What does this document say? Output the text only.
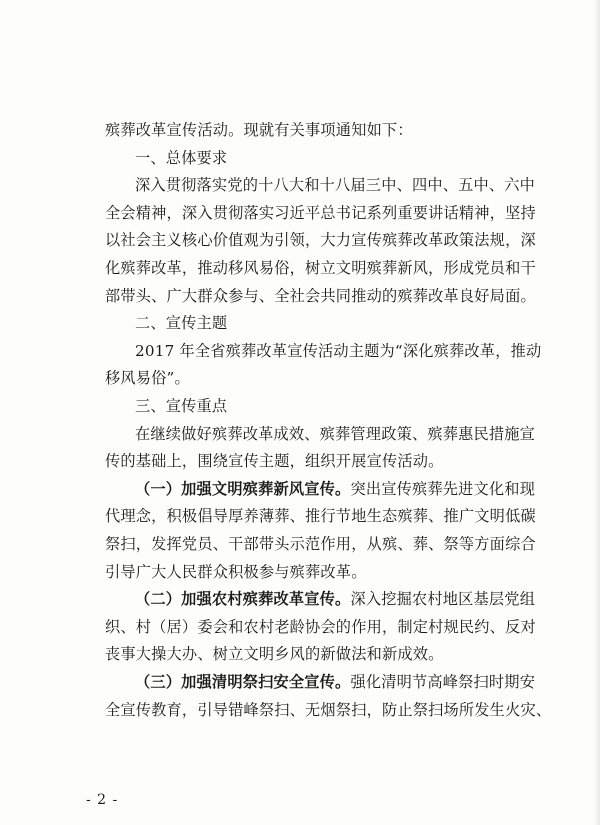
殡葬改革宣传活动。现就有关事项通知如下：
一、总体要求
深入贯彻落实党的十八大和十八届三中、四中、五中、六中
全会精神，深入贯彻落实习近平总书记系列重要讲话精神，坚持
以社会主义核心价值观为引领，大力宣传殡葬改革政策法规，深
化殡葬改革，推动移风易俗，树立文明殡葬新风，形成党员和干
部带头、广大群众参与、全社会共同推动的殡葬改革良好局面。
二、宣传主题
2017 年全省殡葬改革宣传活动主题为“深化殡葬改革，推动
移风易俗”。
三、宣传重点
在继续做好殡葬改革成效、殡葬管理政策、殡葬惠民措施宣
传的基础上，围绕宣传主题，组织开展宣传活动。
（一）加强文明殡葬新风宣传。突出宣传殡葬先进文化和现
代理念，积极倡导厚养薄葬、推行节地生态殡葬、推广文明低碳
祭扫，发挥党员、干部带头示范作用，从殡、葬、祭等方面综合
引导广大人民群众积极参与殡葬改革。
（二）加强农村殡葬改革宣传。深入挖掘农村地区基层党组
织、村（居）委会和农村老龄协会的作用，制定村规民约、反对
丧事大操大办、树立文明乡风的新做法和新成效。
（三）加强清明祭扫安全宣传。强化清明节高峰祭扫时期安
全宣传教育，引导错峰祭扫、无烟祭扫，防止祭扫场所发生火灾、
- 2 -
